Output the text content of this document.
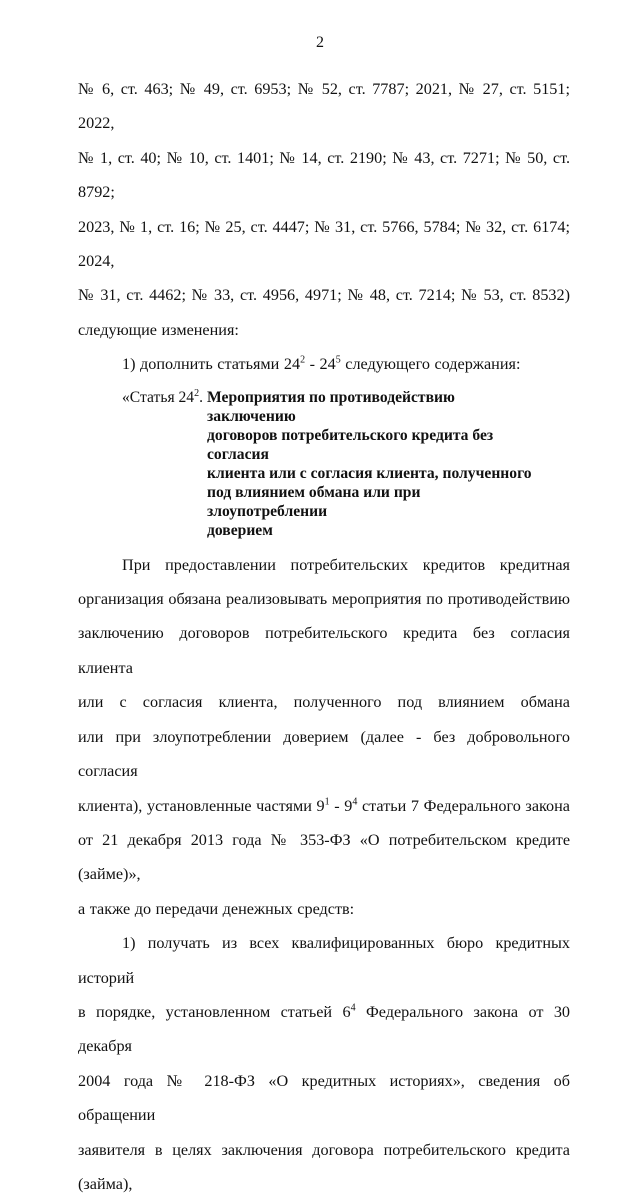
2

№ 6, ст. 463; № 49, ст. 6953; № 52, ст. 7787; 2021, № 27, ст. 5151; 2022,

№ 1, ст. 40; № 10, ст. 1401; № 14, ст. 2190; № 43, ст. 7271; № 50, ст. 8792;

2023, № 1, ст. 16; № 25, ст. 4447; № 31, ст. 5766, 5784; № 32, ст. 6174; 2024,

№ 31, ст. 4462; № 33, ст. 4956, 4971; № 48, ст. 7214; № 53, ст. 8532)

следующие изменения:

1) дополнить статьями $24^2 - 24^5$ следующего содержания:

«Статья $24^2$. Мероприятия по противодействию заключению
договоров потребительского кредита без согласия
клиента или с согласия клиента, полученного
под влиянием обмана или при злоупотреблении
доверием

При предоставлении потребительских кредитов кредитная

организация обязана реализовывать мероприятия по противодействию

заключению договоров потребительского кредита без согласия клиента

или с согласия клиента, полученного под влиянием обмана

или при злоупотреблении доверием (далее - без добровольного согласия

клиента), установленные частями $9^1 - 9^4$ статьи 7 Федерального закона

от 21 декабря 2013 года № 353-ФЗ «О потребительском кредите (займе)»,

а также до передачи денежных средств:

1) получать из всех квалифицированных бюро кредитных историй

в порядке, установленном статьей $6^4$ Федерального закона от 30 декабря

2004 года № 218-ФЗ «О кредитных историях», сведения об обращении

заявителя в целях заключения договора потребительского кредита (займа),
